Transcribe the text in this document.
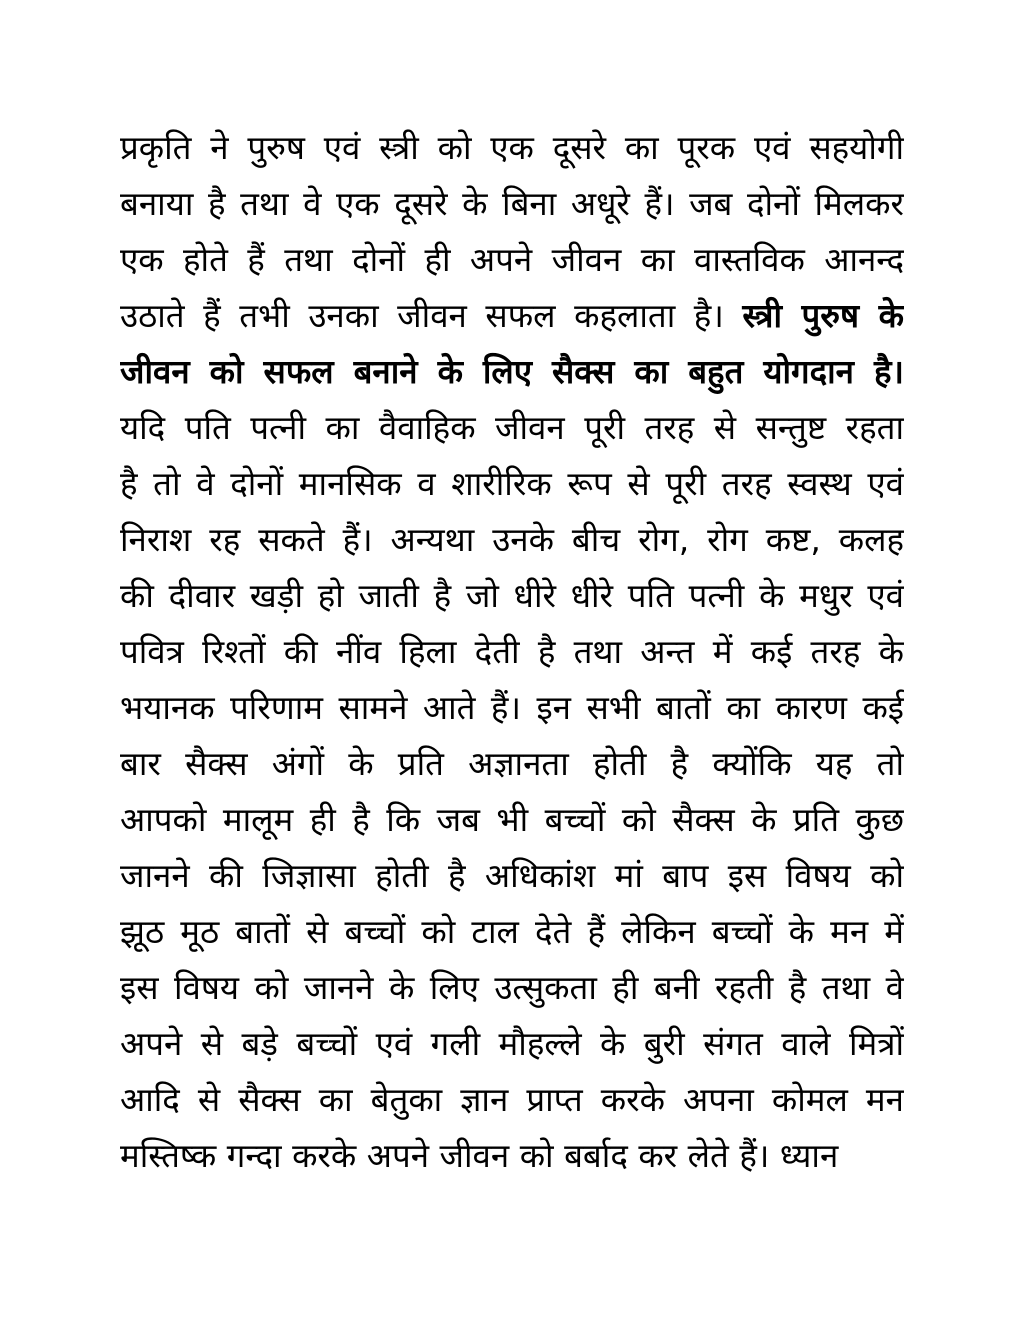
प्रकृति ने पुरुष एवं स्त्री को एक दूसरे का पूरक एवं सहयोगी
बनाया है तथा वे एक दूसरे के बिना अधूरे हैं। जब दोनों मिलकर
एक होते हैं तथा दोनों ही अपने जीवन का वास्तविक आनन्द
उठाते हैं तभी उनका जीवन सफल कहलाता है। स्त्री पुरुष के
जीवन को सफल बनाने के लिए सैक्स का बहुत योगदान है।
यदि पति पत्नी का वैवाहिक जीवन पूरी तरह से सन्तुष्ट रहता
है तो वे दोनों मानसिक व शारीरिक रूप से पूरी तरह स्वस्थ एवं
निराश रह सकते हैं। अन्यथा उनके बीच रोग, रोग कष्ट, कलह
की दीवार खड़ी हो जाती है जो धीरे धीरे पति पत्नी के मधुर एवं
पवित्र रिश्तों की नींव हिला देती है तथा अन्त में कई तरह के
भयानक परिणाम सामने आते हैं। इन सभी बातों का कारण कई
बार सैक्स अंगों के प्रति अज्ञानता होती है क्योंकि यह तो
आपको मालूम ही है कि जब भी बच्चों को सैक्स के प्रति कुछ
जानने की जिज्ञासा होती है अधिकांश मां बाप इस विषय को
झूठ मूठ बातों से बच्चों को टाल देते हैं लेकिन बच्चों के मन में
इस विषय को जानने के लिए उत्सुकता ही बनी रहती है तथा वे
अपने से बड़े बच्चों एवं गली मौहल्ले के बुरी संगत वाले मित्रों
आदि से सैक्स का बेतुका ज्ञान प्राप्त करके अपना कोमल मन
मस्तिष्क गन्दा करके अपने जीवन को बर्बाद कर लेते हैं। ध्यान
